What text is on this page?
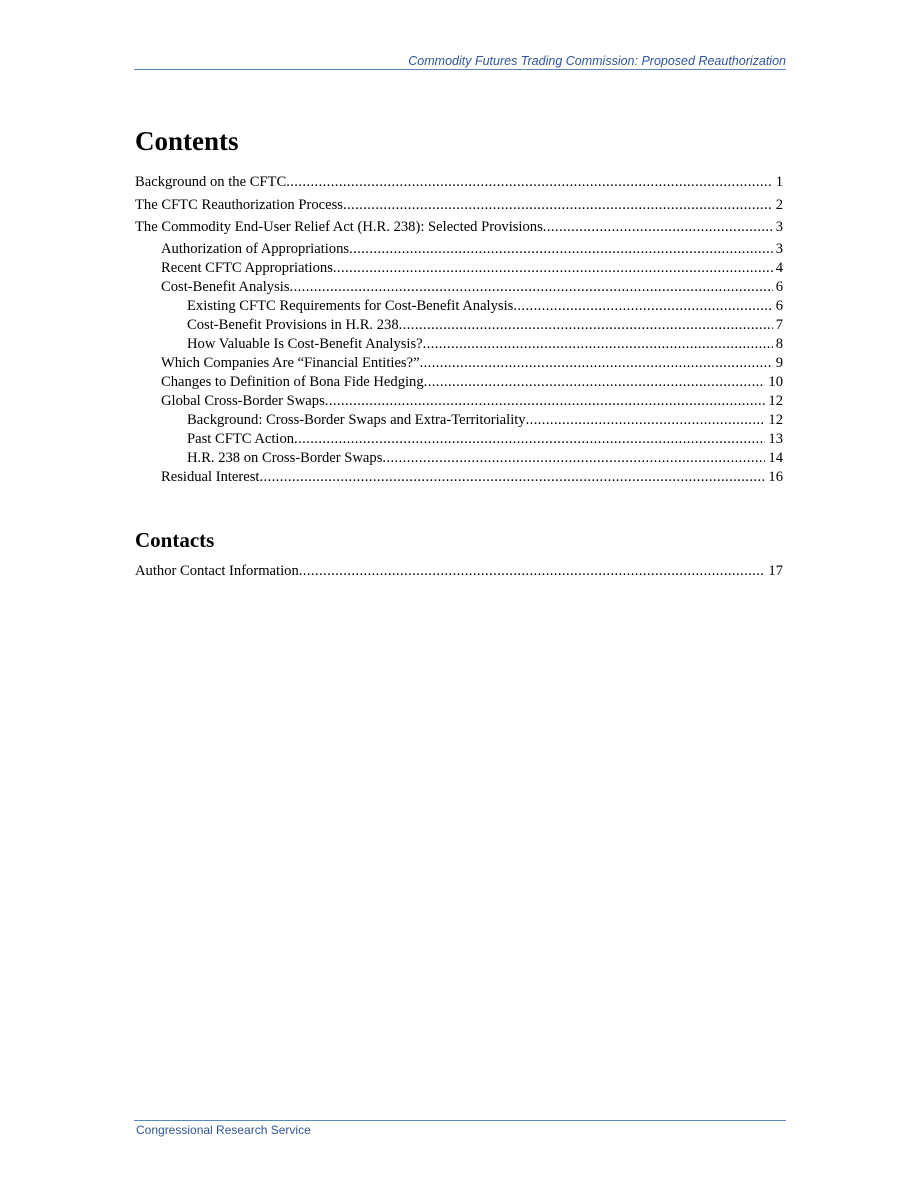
Commodity Futures Trading Commission: Proposed Reauthorization
Contents
Background on the CFTC .....	1
The CFTC Reauthorization Process .....	2
The Commodity End-User Relief Act (H.R. 238): Selected Provisions .....	3
Authorization of Appropriations .....	3
Recent CFTC Appropriations .....	4
Cost-Benefit Analysis .....	6
Existing CFTC Requirements for Cost-Benefit Analysis .....	6
Cost-Benefit Provisions in H.R. 238 .....	7
How Valuable Is Cost-Benefit Analysis? .....	8
Which Companies Are “Financial Entities?” .....	9
Changes to Definition of Bona Fide Hedging .....	10
Global Cross-Border Swaps .....	12
Background: Cross-Border Swaps and Extra-Territoriality .....	12
Past CFTC Action .....	13
H.R. 238 on Cross-Border Swaps .....	14
Residual Interest .....	16
Contacts
Author Contact Information .....	17
Congressional Research Service
